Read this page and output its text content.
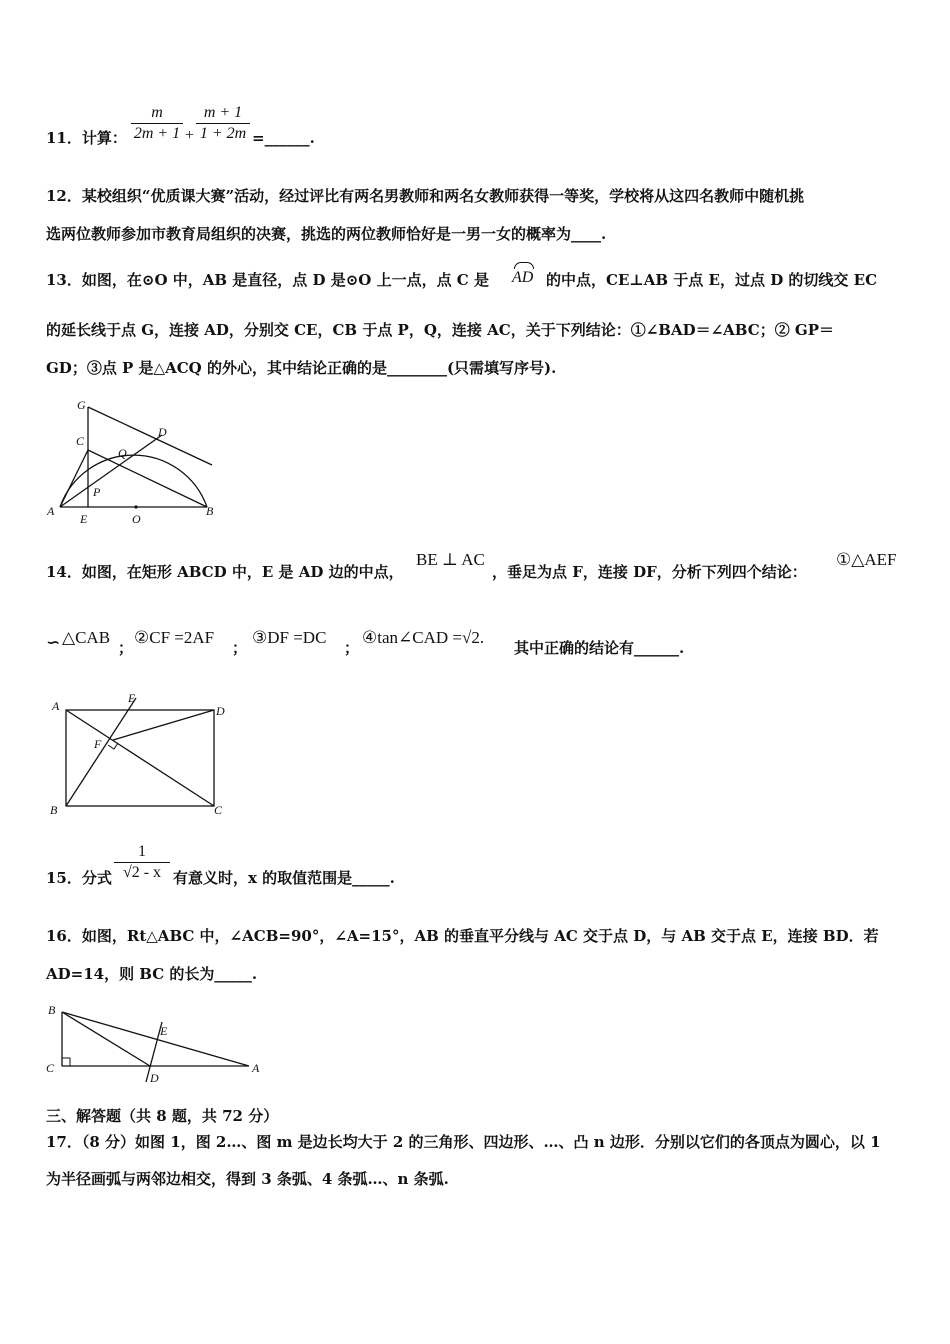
11．计算： $\frac{m}{2m + 1} + \frac{m + 1}{1 + 2m}$ =______.
12．某校组织“优质课大赛”活动，经过评比有两名男教师和两名女教师获得一等奖，学校将从这四名教师中随机挑
选两位教师参加市教育局组织的决赛，挑选的两位教师恰好是一男一女的概率为____.
13．如图，在⊙O 中，AB 是直径，点 D 是⊙O 上一点，点 C 是 AD 的中点，CE⊥AB 于点 E，过点 D 的切线交 EC
的延长线于点 G，连接 AD，分别交 CE，CB 于点 P，Q，连接 AC，关于下列结论：①∠BAD＝∠ABC；② GP＝
GD；③点 P 是△ACQ 的外心，其中结论正确的是________(只需填写序号).
G
C
D
Q
P
A
E	O
B
14．如图，在矩形 ABCD 中，E 是 AD 边的中点，
BE ⊥ AC
，垂足为点 F，连接 DF，分析下列四个结论：
①△AEF
∽ △CAB
；
②CF =2AF
；
③DF =DC
；
④tan∠CAD =√2.
其中正确的结论有______.
A
E
D
F
B	C
15．分式 $\frac{1}{√2 - x}$ 有意义时，x 的取值范围是_____.
16．如图，Rt△ABC 中，∠ACB=90°，∠A=15°，AB 的垂直平分线与 AC 交于点 D，与 AB 交于点 E，连接 BD．若
AD=14，则 BC 的长为_____.
B
E
C
D
A
三、解答题（共 8 题，共 72 分）
17．（8 分）如图 1，图 2…、图 m 是边长均大于 2 的三角形、四边形、…、凸 n 边形．分别以它们的各顶点为圆心，以 1
为半径画弧与两邻边相交，得到 3 条弧、4 条弧…、n 条弧.
